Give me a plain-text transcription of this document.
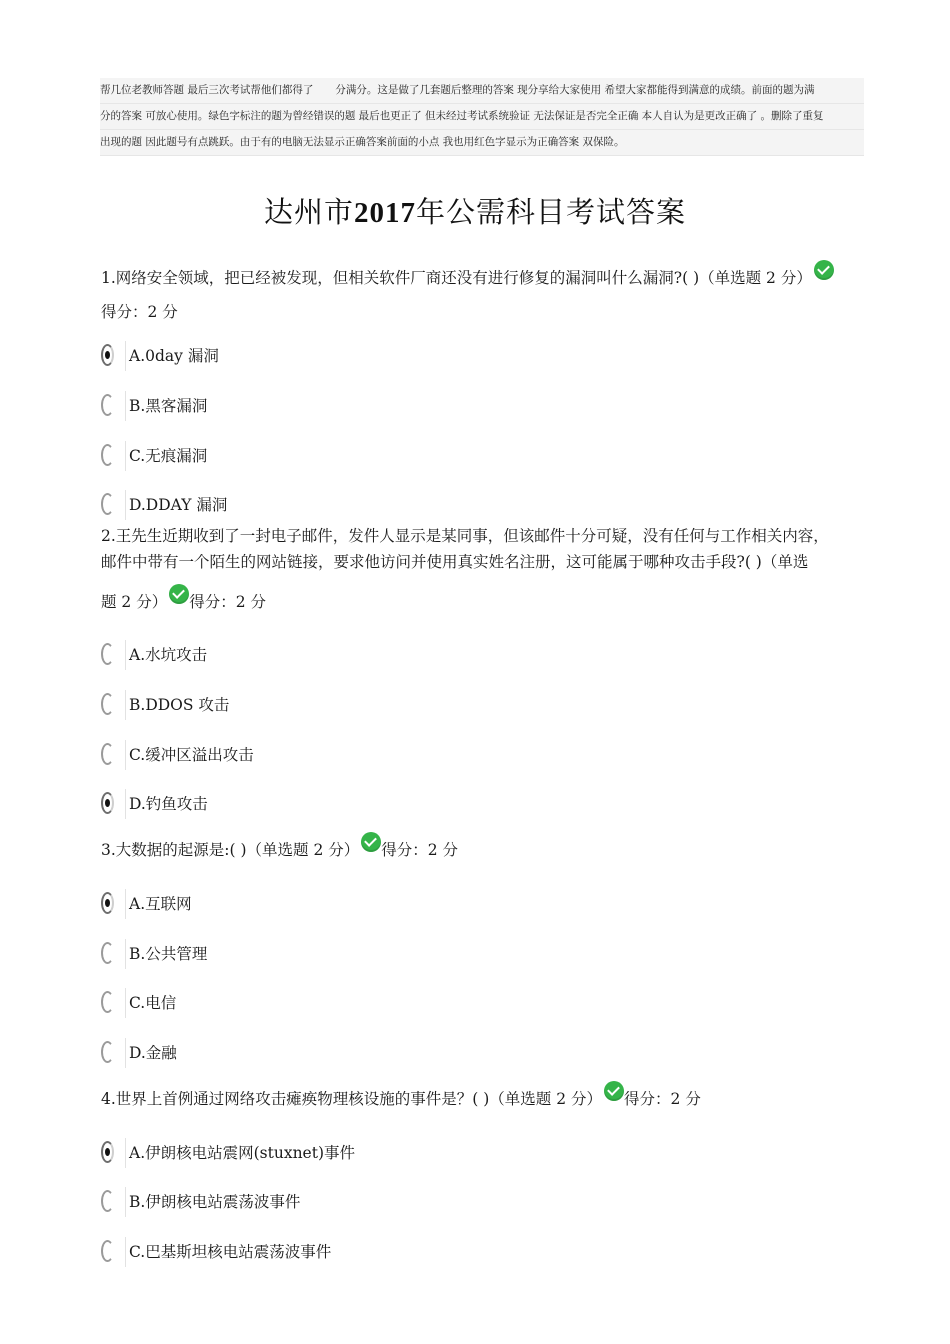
帮几位老教师答题 最后三次考试帮他们都得了 分满分。这是做了几套题后整理的答案 现分享给大家使用 希望大家都能得到满意的成绩。前面的题为满
分的答案 可放心使用。绿色字标注的题为曾经错误的题 最后也更正了 但未经过考试系统验证 无法保证是否完全正确 本人自认为是更改正确了 。删除了重复
出现的题 因此题号有点跳跃。由于有的电脑无法显示正确答案前面的小点 我也用红色字显示为正确答案 双保险。
达州市2017年公需科目考试答案
1.网络安全领域，把已经被发现，但相关软件厂商还没有进行修复的漏洞叫什么漏洞?( )（单选题 2 分）
得分：2 分
A.0day 漏洞
B.黑客漏洞
C.无痕漏洞
D.DDAY 漏洞
2.王先生近期收到了一封电子邮件，发件人显示是某同事，但该邮件十分可疑，没有任何与工作相关内容，
邮件中带有一个陌生的网站链接，要求他访问并使用真实姓名注册，这可能属于哪种攻击手段?( )（单选
题 2 分） 得分：2 分
A.水坑攻击
B.DDOS 攻击
C.缓冲区溢出攻击
D.钓鱼攻击
3.大数据的起源是:( )（单选题 2 分） 得分：2 分
A.互联网
B.公共管理
C.电信
D.金融
4.世界上首例通过网络攻击瘫痪物理核设施的事件是？( )（单选题 2 分） 得分：2 分
A.伊朗核电站震网(stuxnet)事件
B.伊朗核电站震荡波事件
C.巴基斯坦核电站震荡波事件
